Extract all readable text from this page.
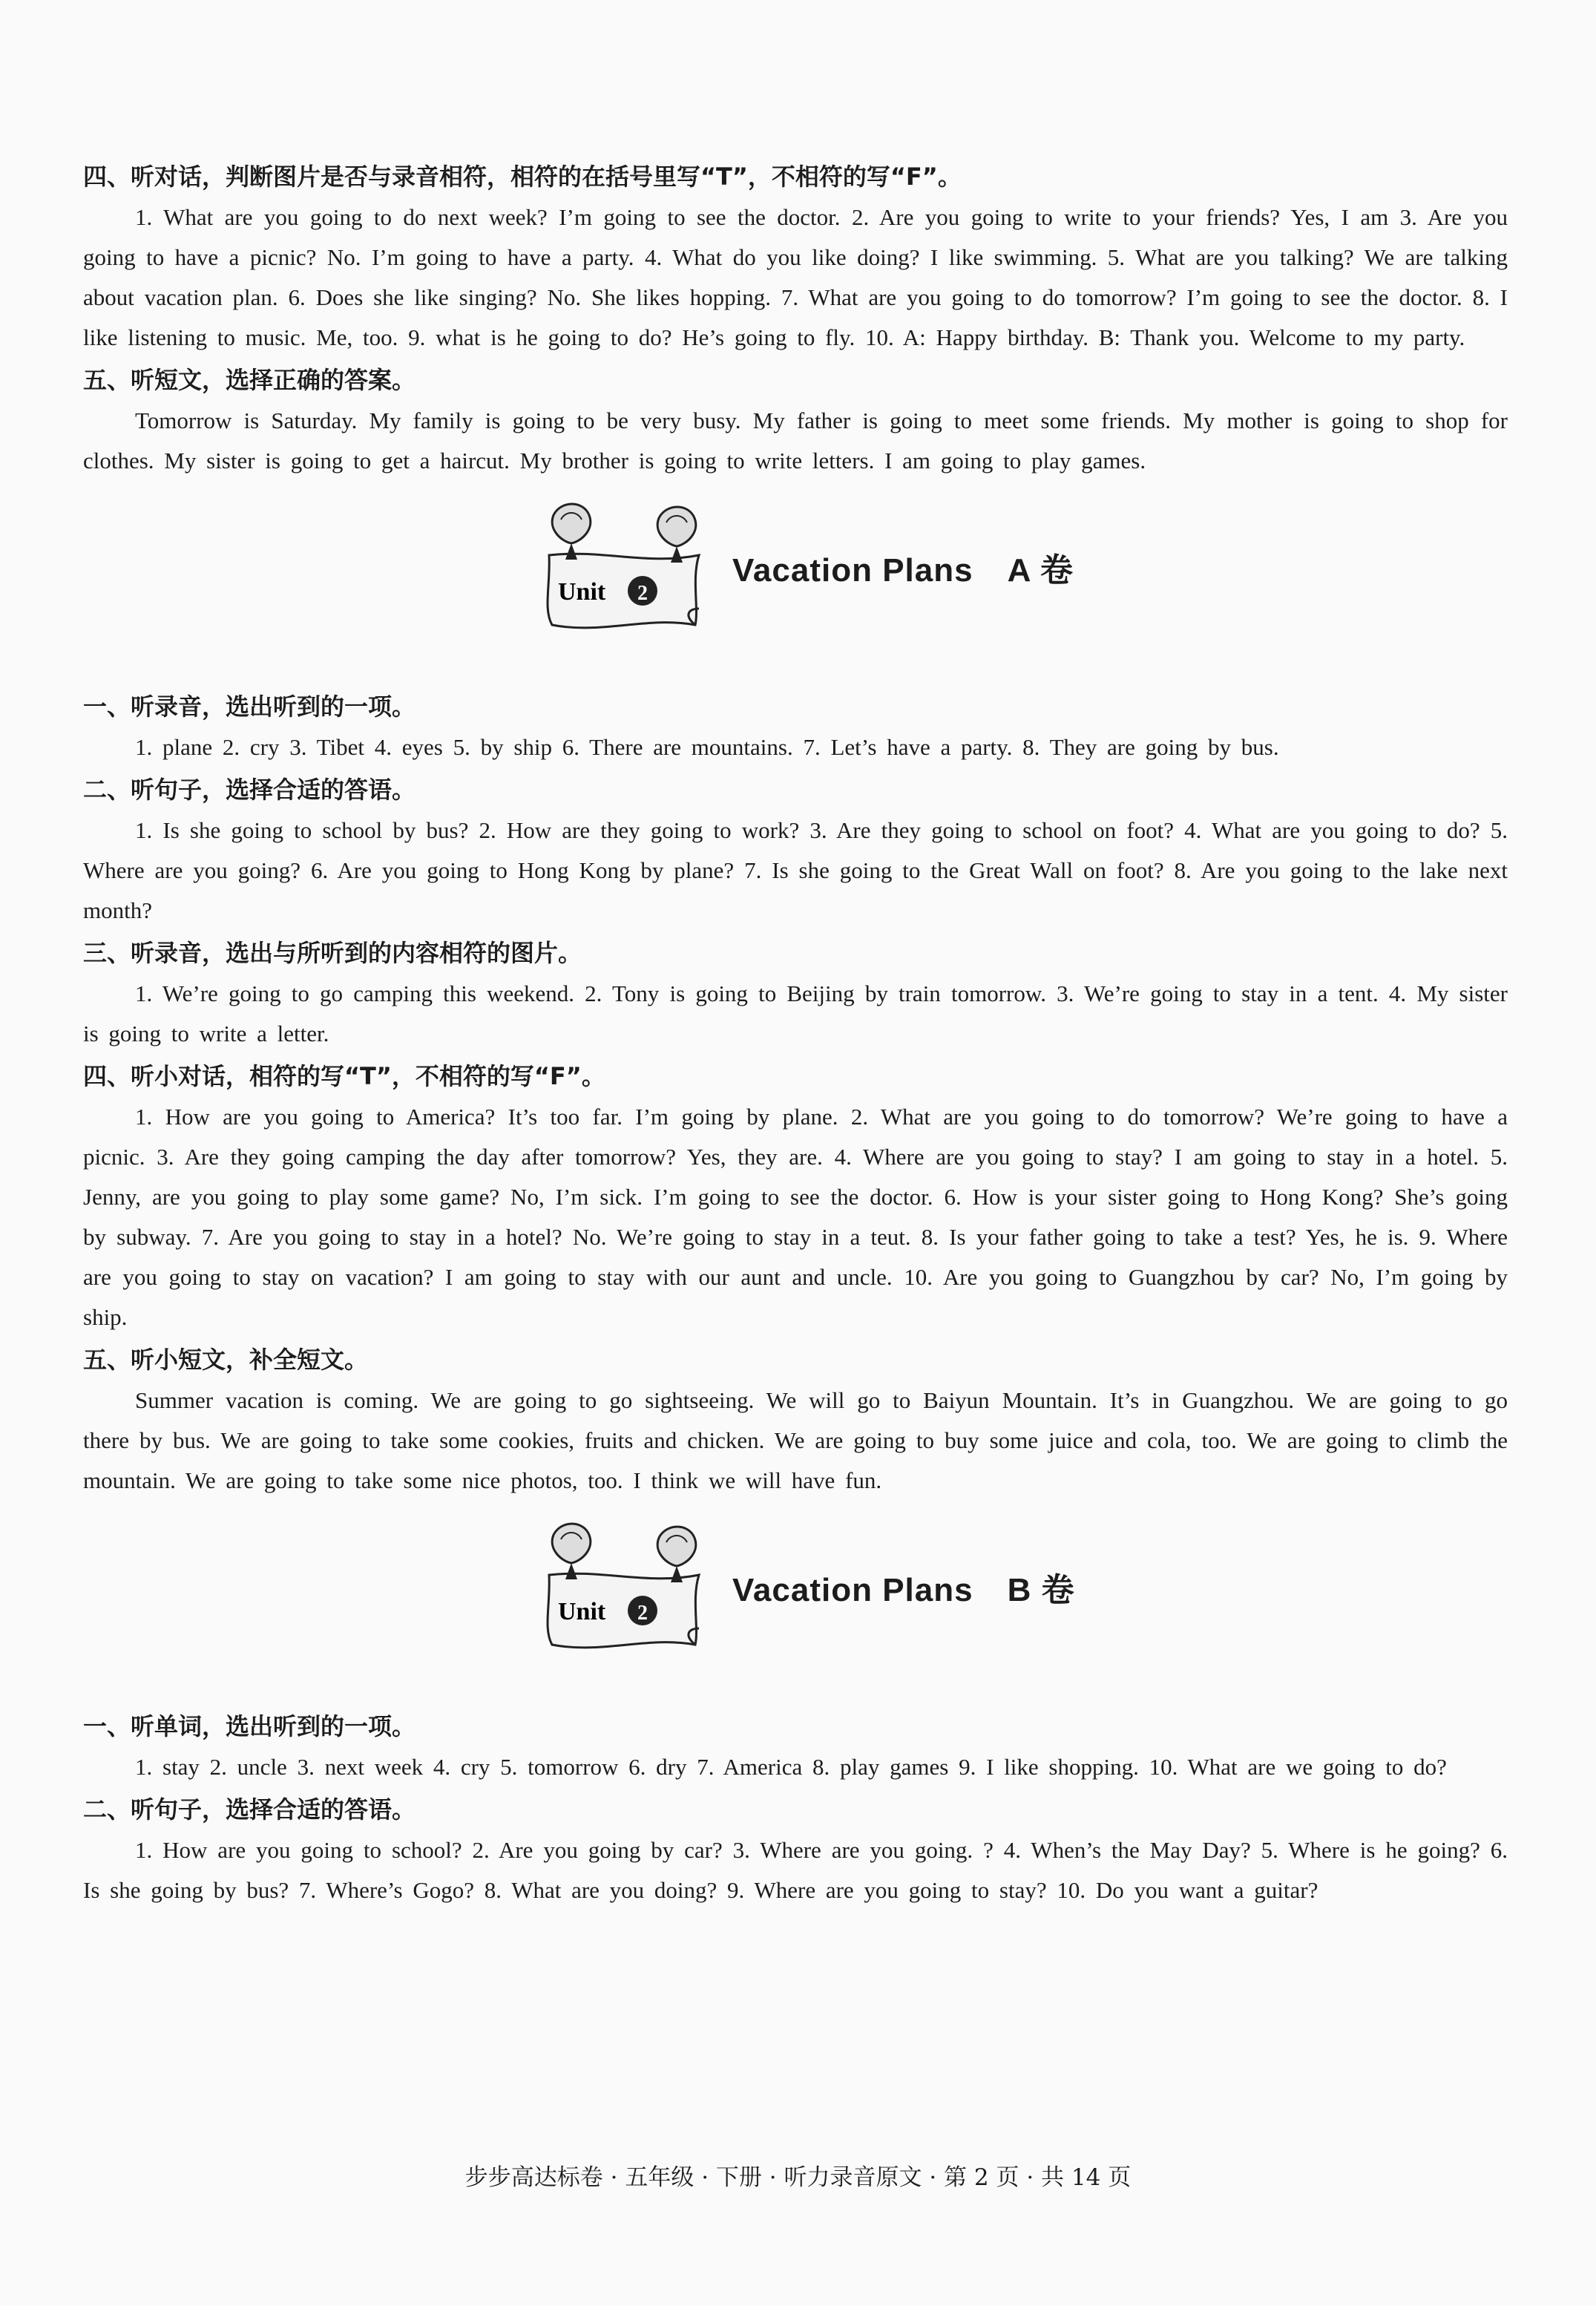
四、听对话，判断图片是否与录音相符，相符的在括号里写“T”，不相符的写“F”。

1. What are you going to do next week? I’m going to see the doctor. 2. Are you going to write to your friends? Yes, I am 3. Are you going to have a picnic? No. I’m going to have a party. 4. What do you like doing? I like swimming. 5. What are you talking? We are talking about vacation plan. 6. Does she like singing? No. She likes hopping. 7. What are you going to do tomorrow? I’m going to see the doctor. 8. I like listening to music. Me, too. 9. what is he going to do? He’s going to fly. 10. A: Happy birthday. B: Thank you. Welcome to my party.

五、听短文，选择正确的答案。

Tomorrow is Saturday. My family is going to be very busy. My father is going to meet some friends. My mother is going to shop for clothes. My sister is going to get a haircut. My brother is going to write letters. I am going to play games.

Unit 2
Vacation Plans A 卷

一、听录音，选出听到的一项。

1. plane 2. cry 3. Tibet 4. eyes 5. by ship 6. There are mountains. 7. Let’s have a party. 8. They are going by bus.

二、听句子，选择合适的答语。

1. Is she going to school by bus? 2. How are they going to work? 3. Are they going to school on foot? 4. What are you going to do? 5. Where are you going? 6. Are you going to Hong Kong by plane? 7. Is she going to the Great Wall on foot? 8. Are you going to the lake next month?

三、听录音，选出与所听到的内容相符的图片。

1. We’re going to go camping this weekend. 2. Tony is going to Beijing by train tomorrow. 3. We’re going to stay in a tent. 4. My sister is going to write a letter.

四、听小对话，相符的写“T”，不相符的写“F”。

1. How are you going to America? It’s too far. I’m going by plane. 2. What are you going to do tomorrow? We’re going to have a picnic. 3. Are they going camping the day after tomorrow? Yes, they are. 4. Where are you going to stay? I am going to stay in a hotel. 5. Jenny, are you going to play some game? No, I’m sick. I’m going to see the doctor. 6. How is your sister going to Hong Kong? She’s going by subway. 7. Are you going to stay in a hotel? No. We’re going to stay in a teut. 8. Is your father going to take a test? Yes, he is. 9. Where are you going to stay on vacation? I am going to stay with our aunt and uncle. 10. Are you going to Guangzhou by car? No, I’m going by ship.

五、听小短文，补全短文。

Summer vacation is coming. We are going to go sightseeing. We will go to Baiyun Mountain. It’s in Guangzhou. We are going to go there by bus. We are going to take some cookies, fruits and chicken. We are going to buy some juice and cola, too. We are going to climb the mountain. We are going to take some nice photos, too. I think we will have fun.

Unit 2
Vacation Plans B 卷

一、听单词，选出听到的一项。

1. stay 2. uncle 3. next week 4. cry 5. tomorrow 6. dry 7. America 8. play games 9. I like shopping. 10. What are we going to do?

二、听句子，选择合适的答语。

1. How are you going to school? 2. Are you going by car? 3. Where are you going. ? 4. When’s the May Day? 5. Where is he going? 6. Is she going by bus? 7. Where’s Gogo? 8. What are you doing? 9. Where are you going to stay? 10. Do you want a guitar?

步步高达标卷 · 五年级 · 下册 · 听力录音原文 · 第 2 页 · 共 14 页
